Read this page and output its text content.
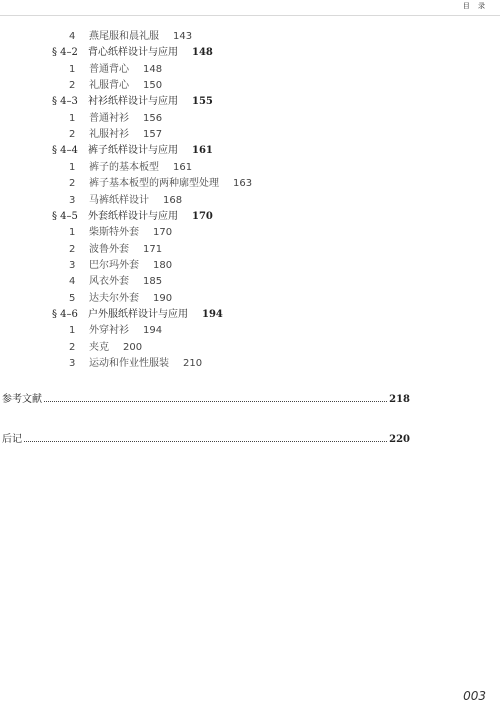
目 录
4 燕尾服和晨礼服 143
§ 4–2 背心纸样设计与应用 148
1 普通背心 148
2 礼服背心 150
§ 4–3 衬衫纸样设计与应用 155
1 普通衬衫 156
2 礼服衬衫 157
§ 4–4 裤子纸样设计与应用 161
1 裤子的基本板型 161
2 裤子基本板型的两种廓型处理 163
3 马裤纸样设计 168
§ 4–5 外套纸样设计与应用 170
1 柴斯特外套 170
2 波鲁外套 171
3 巴尔玛外套 180
4 风衣外套 185
5 达夫尔外套 190
§ 4–6 户外服纸样设计与应用 194
1 外穿衬衫 194
2 夹克 200
3 运动和作业性服装 210
参考文献	218
后记	220
003
